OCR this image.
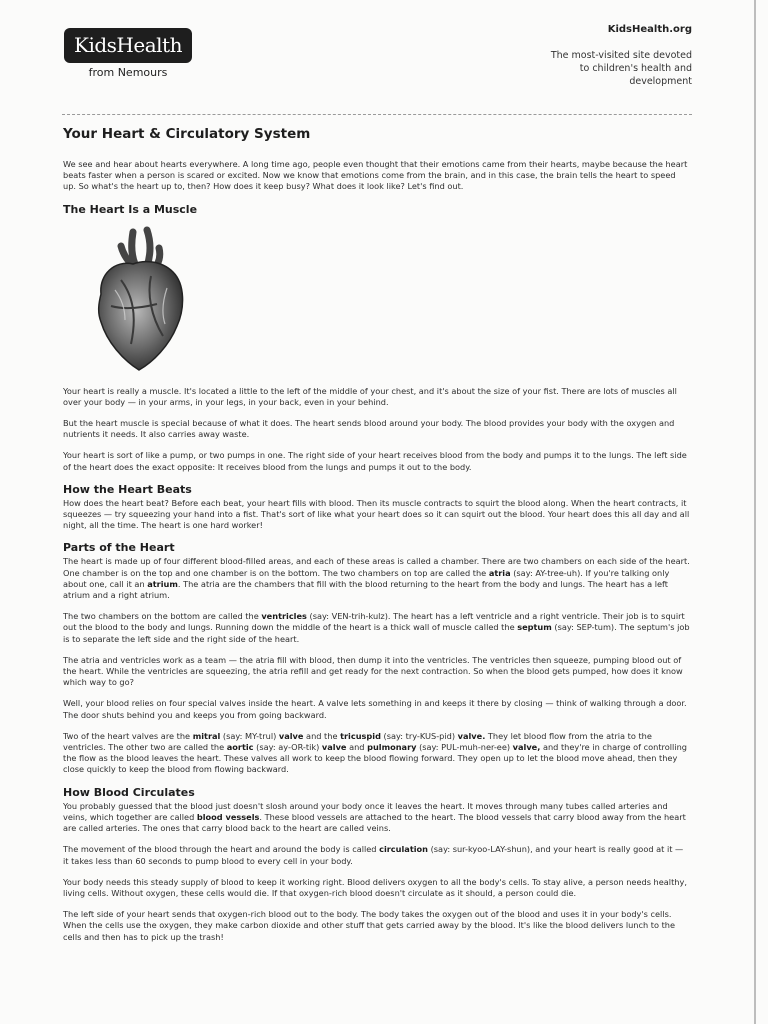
KidsHealth
from Nemours
KidsHealth.org
The most-visited site devoted to children's health and development
Your Heart & Circulatory System

We see and hear about hearts everywhere. A long time ago, people even thought that their emotions came from their hearts, maybe because the heart beats faster when a person is scared or excited. Now we know that emotions come from the brain, and in this case, the brain tells the heart to speed up. So what's the heart up to, then? How does it keep busy? What does it look like? Let's find out.

The Heart Is a Muscle

Your heart is really a muscle. It's located a little to the left of the middle of your chest, and it's about the size of your fist. There are lots of muscles all over your body — in your arms, in your legs, in your back, even in your behind.

But the heart muscle is special because of what it does. The heart sends blood around your body. The blood provides your body with the oxygen and nutrients it needs. It also carries away waste.

Your heart is sort of like a pump, or two pumps in one. The right side of your heart receives blood from the body and pumps it to the lungs. The left side of the heart does the exact opposite: It receives blood from the lungs and pumps it out to the body.

How the Heart Beats

How does the heart beat? Before each beat, your heart fills with blood. Then its muscle contracts to squirt the blood along. When the heart contracts, it squeezes — try squeezing your hand into a fist. That's sort of like what your heart does so it can squirt out the blood. Your heart does this all day and all night, all the time. The heart is one hard worker!

Parts of the Heart

The heart is made up of four different blood-filled areas, and each of these areas is called a chamber. There are two chambers on each side of the heart. One chamber is on the top and one chamber is on the bottom. The two chambers on top are called the atria (say: AY-tree-uh). If you're talking only about one, call it an atrium. The atria are the chambers that fill with the blood returning to the heart from the body and lungs. The heart has a left atrium and a right atrium.

The two chambers on the bottom are called the ventricles (say: VEN-trih-kulz). The heart has a left ventricle and a right ventricle. Their job is to squirt out the blood to the body and lungs. Running down the middle of the heart is a thick wall of muscle called the septum (say: SEP-tum). The septum's job is to separate the left side and the right side of the heart.

The atria and ventricles work as a team — the atria fill with blood, then dump it into the ventricles. The ventricles then squeeze, pumping blood out of the heart. While the ventricles are squeezing, the atria refill and get ready for the next contraction. So when the blood gets pumped, how does it know which way to go?

Well, your blood relies on four special valves inside the heart. A valve lets something in and keeps it there by closing — think of walking through a door. The door shuts behind you and keeps you from going backward.

Two of the heart valves are the mitral (say: MY-trul) valve and the tricuspid (say: try-KUS-pid) valve. They let blood flow from the atria to the ventricles. The other two are called the aortic (say: ay-OR-tik) valve and pulmonary (say: PUL-muh-ner-ee) valve, and they're in charge of controlling the flow as the blood leaves the heart. These valves all work to keep the blood flowing forward. They open up to let the blood move ahead, then they close quickly to keep the blood from flowing backward.

How Blood Circulates

You probably guessed that the blood just doesn't slosh around your body once it leaves the heart. It moves through many tubes called arteries and veins, which together are called blood vessels. These blood vessels are attached to the heart. The blood vessels that carry blood away from the heart are called arteries. The ones that carry blood back to the heart are called veins.

The movement of the blood through the heart and around the body is called circulation (say: sur-kyoo-LAY-shun), and your heart is really good at it — it takes less than 60 seconds to pump blood to every cell in your body.

Your body needs this steady supply of blood to keep it working right. Blood delivers oxygen to all the body's cells. To stay alive, a person needs healthy, living cells. Without oxygen, these cells would die. If that oxygen-rich blood doesn't circulate as it should, a person could die.

The left side of your heart sends that oxygen-rich blood out to the body. The body takes the oxygen out of the blood and uses it in your body's cells. When the cells use the oxygen, they make carbon dioxide and other stuff that gets carried away by the blood. It's like the blood delivers lunch to the cells and then has to pick up the trash!
